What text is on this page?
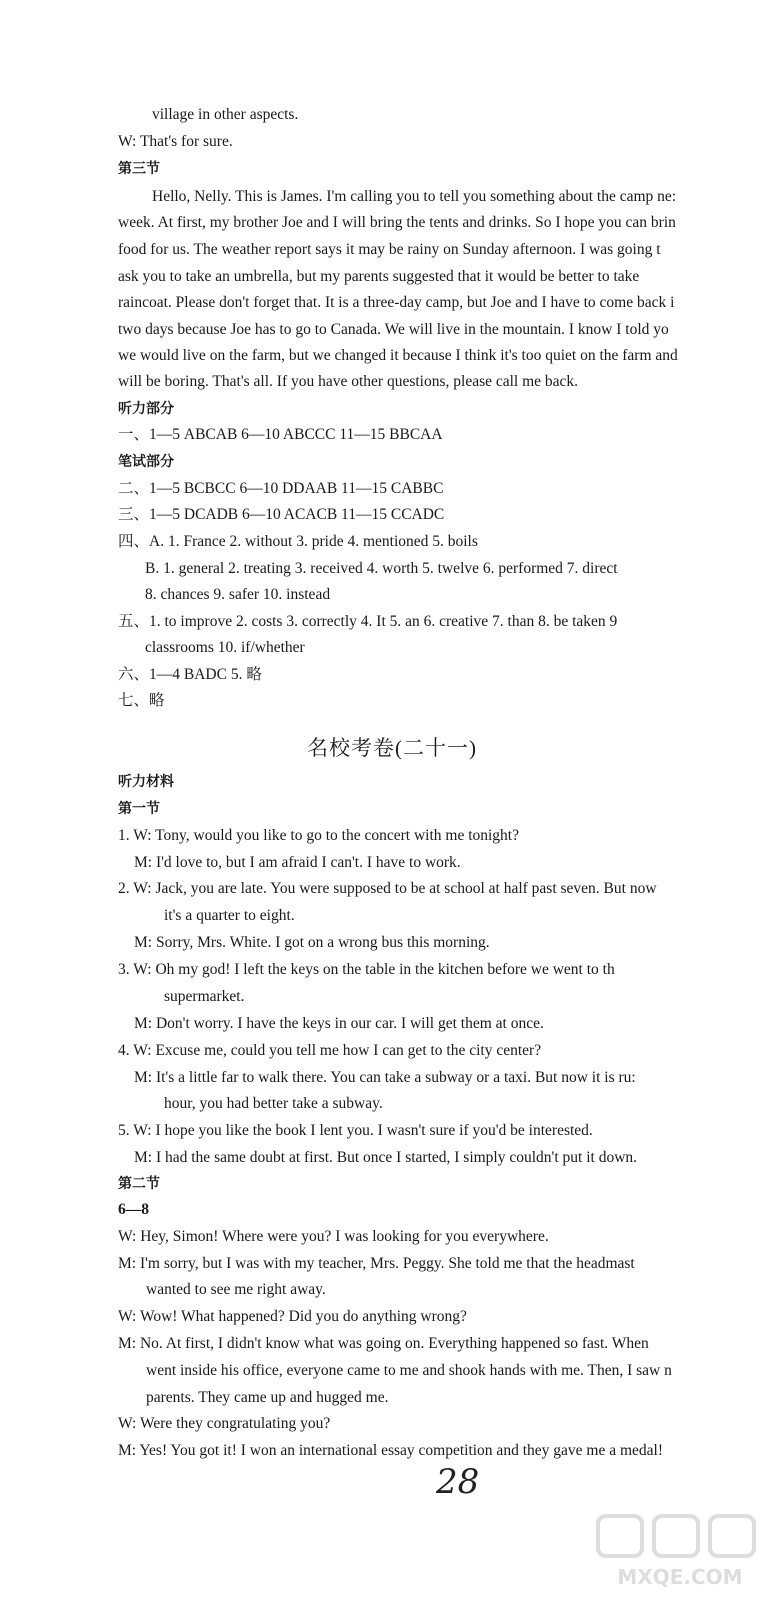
village in other aspects.
W: That's for sure.
第三节
Hello, Nelly. This is James. I'm calling you to tell you something about the camp ne:
week. At first, my brother Joe and I will bring the tents and drinks. So I hope you can brin
food for us. The weather report says it may be rainy on Sunday afternoon. I was going t
ask you to take an umbrella, but my parents suggested that it would be better to take
raincoat. Please don't forget that. It is a three-day camp, but Joe and I have to come back i
two days because Joe has to go to Canada. We will live in the mountain. I know I told yo
we would live on the farm, but we changed it because I think it's too quiet on the farm and
will be boring. That's all. If you have other questions, please call me back.
听力部分
一、1—5 ABCAB 6—10 ABCCC 11—15 BBCAA
笔试部分
二、1—5 BCBCC 6—10 DDAAB 11—15 CABBC
三、1—5 DCADB 6—10 ACACB 11—15 CCADC
四、A. 1. France 2. without 3. pride 4. mentioned 5. boils
B. 1. general 2. treating 3. received 4. worth 5. twelve 6. performed 7. direct
8. chances 9. safer 10. instead
五、1. to improve 2. costs 3. correctly 4. It 5. an 6. creative 7. than 8. be taken 9
classrooms 10. if/whether
六、1—4 BADC 5. 略
七、略
名校考卷(二十一)
听力材料
第一节
1. W: Tony, would you like to go to the concert with me tonight?
M: I'd love to, but I am afraid I can't. I have to work.
2. W: Jack, you are late. You were supposed to be at school at half past seven. But now
it's a quarter to eight.
M: Sorry, Mrs. White. I got on a wrong bus this morning.
3. W: Oh my god! I left the keys on the table in the kitchen before we went to th
supermarket.
M: Don't worry. I have the keys in our car. I will get them at once.
4. W: Excuse me, could you tell me how I can get to the city center?
M: It's a little far to walk there. You can take a subway or a taxi. But now it is ru:
hour, you had better take a subway.
5. W: I hope you like the book I lent you. I wasn't sure if you'd be interested.
M: I had the same doubt at first. But once I started, I simply couldn't put it down.
第二节
6—8
W: Hey, Simon! Where were you? I was looking for you everywhere.
M: I'm sorry, but I was with my teacher, Mrs. Peggy. She told me that the headmast
wanted to see me right away.
W: Wow! What happened? Did you do anything wrong?
M: No. At first, I didn't know what was going on. Everything happened so fast. When
went inside his office, everyone came to me and shook hands with me. Then, I saw n
parents. They came up and hugged me.
W: Were they congratulating you?
M: Yes! You got it! I won an international essay competition and they gave me a medal!
28
MXQE.COM
